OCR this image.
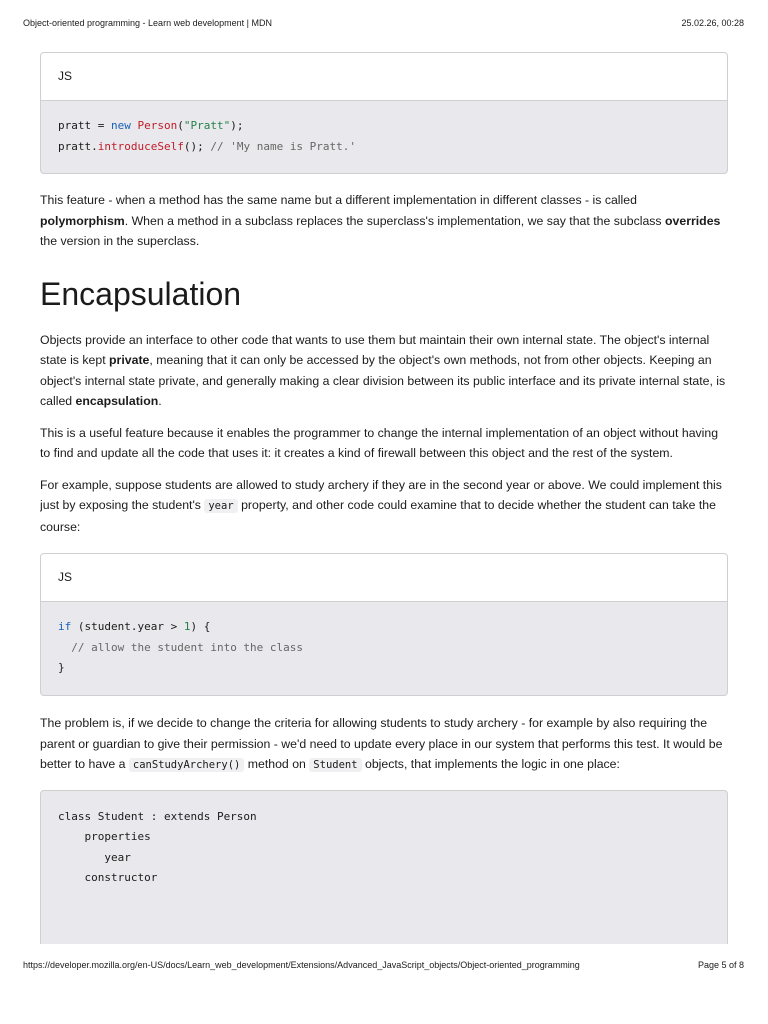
Object-oriented programming - Learn web development | MDN	25.02.26, 00:28
JS
pratt = new Person("Pratt");
pratt.introduceSelf(); // 'My name is Pratt.'

This feature - when a method has the same name but a different implementation in different classes - is called polymorphism. When a method in a subclass replaces the superclass's implementation, we say that the subclass overrides the version in the superclass.

Encapsulation

Objects provide an interface to other code that wants to use them but maintain their own internal state. The object's internal state is kept private, meaning that it can only be accessed by the object's own methods, not from other objects. Keeping an object's internal state private, and generally making a clear division between its public interface and its private internal state, is called encapsulation.

This is a useful feature because it enables the programmer to change the internal implementation of an object without having to find and update all the code that uses it: it creates a kind of firewall between this object and the rest of the system.

For example, suppose students are allowed to study archery if they are in the second year or above. We could implement this just by exposing the student's year property, and other code could examine that to decide whether the student can take the course:

JS
if (student.year > 1) {
// allow the student into the class
}

The problem is, if we decide to change the criteria for allowing students to study archery - for example by also requiring the parent or guardian to give their permission - we'd need to update every place in our system that performs this test. It would be better to have a canStudyArchery() method on Student objects, that implements the logic in one place:

class Student : extends Person
properties
year
constructor
https://developer.mozilla.org/en-US/docs/Learn_web_development/Extensions/Advanced_JavaScript_objects/Object-oriented_programming	Page 5 of 8
